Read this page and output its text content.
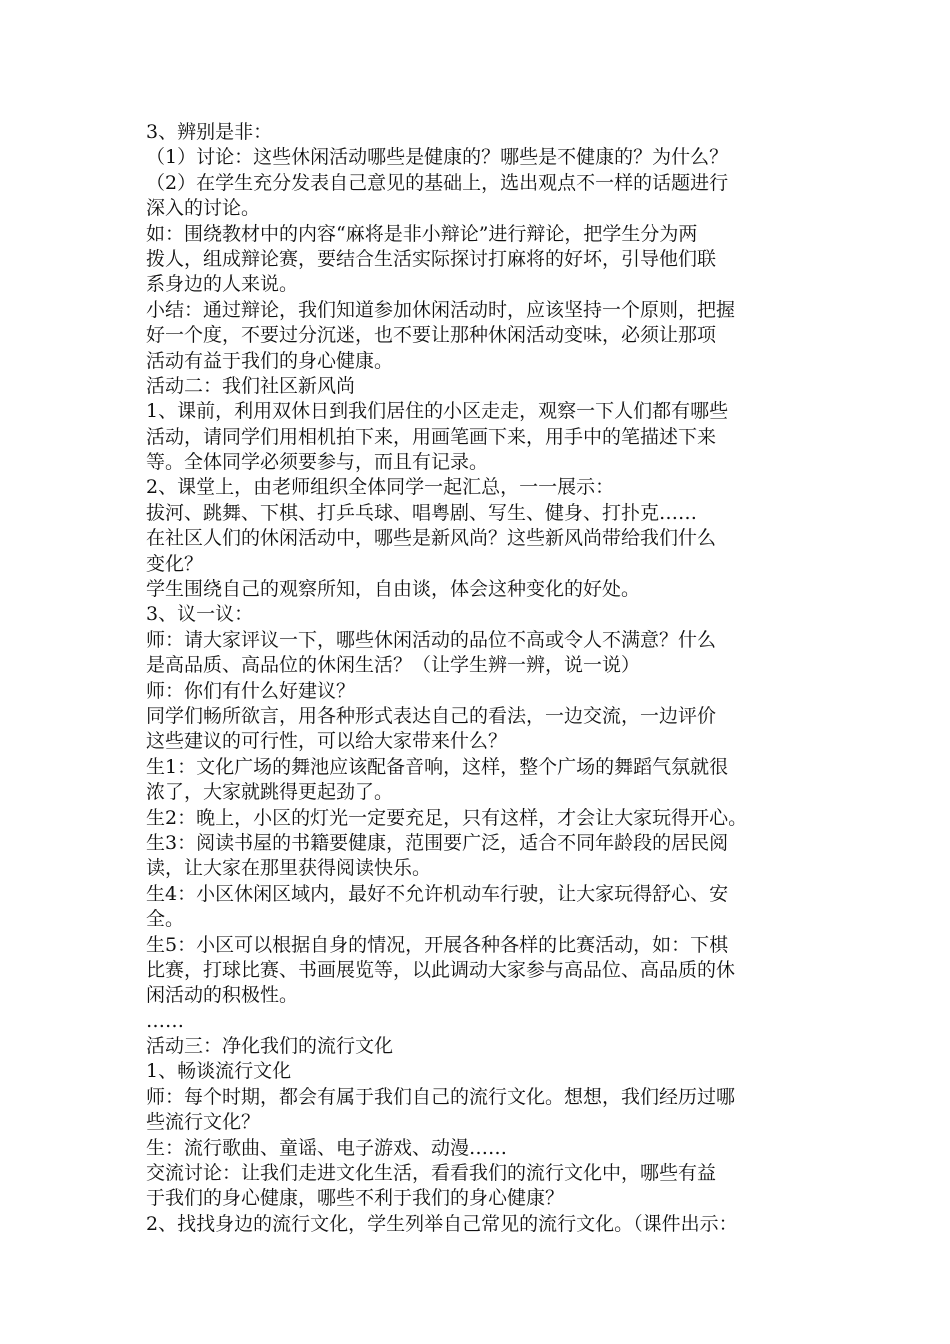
3、辨别是非：
（1）讨论：这些休闲活动哪些是健康的？哪些是不健康的？为什么？
（2）在学生充分发表自己意见的基础上，选出观点不一样的话题进行
深入的讨论。
如：围绕教材中的内容“麻将是非小辩论”进行辩论，把学生分为两
拨人，组成辩论赛，要结合生活实际探讨打麻将的好坏，引导他们联
系身边的人来说。
小结：通过辩论，我们知道参加休闲活动时，应该坚持一个原则，把握
好一个度，不要过分沉迷，也不要让那种休闲活动变味，必须让那项
活动有益于我们的身心健康。
活动二：我们社区新风尚
1、课前，利用双休日到我们居住的小区走走，观察一下人们都有哪些
活动，请同学们用相机拍下来，用画笔画下来，用手中的笔描述下来
等。全体同学必须要参与，而且有记录。
2、课堂上，由老师组织全体同学一起汇总，一一展示：
拔河、跳舞、下棋、打乒乓球、唱粤剧、写生、健身、打扑克……
在社区人们的休闲活动中，哪些是新风尚？这些新风尚带给我们什么
变化？
学生围绕自己的观察所知，自由谈，体会这种变化的好处。
3、议一议：
师：请大家评议一下，哪些休闲活动的品位不高或令人不满意？什么
是高品质、高品位的休闲生活？（让学生辨一辨，说一说）
师：你们有什么好建议？
同学们畅所欲言，用各种形式表达自己的看法，一边交流，一边评价
这些建议的可行性，可以给大家带来什么？
生1：文化广场的舞池应该配备音响，这样，整个广场的舞蹈气氛就很
浓了，大家就跳得更起劲了。
生2：晚上，小区的灯光一定要充足，只有这样，才会让大家玩得开心。
生3：阅读书屋的书籍要健康，范围要广泛，适合不同年龄段的居民阅
读，让大家在那里获得阅读快乐。
生4：小区休闲区域内，最好不允许机动车行驶，让大家玩得舒心、安
全。
生5：小区可以根据自身的情况，开展各种各样的比赛活动，如：下棋
比赛，打球比赛、书画展览等，以此调动大家参与高品位、高品质的休
闲活动的积极性。
……
活动三：净化我们的流行文化
1、畅谈流行文化
师：每个时期，都会有属于我们自己的流行文化。想想，我们经历过哪
些流行文化？
生：流行歌曲、童谣、电子游戏、动漫……
交流讨论：让我们走进文化生活，看看我们的流行文化中，哪些有益
于我们的身心健康，哪些不利于我们的身心健康？
2、找找身边的流行文化，学生列举自己常见的流行文化。（课件出示：
